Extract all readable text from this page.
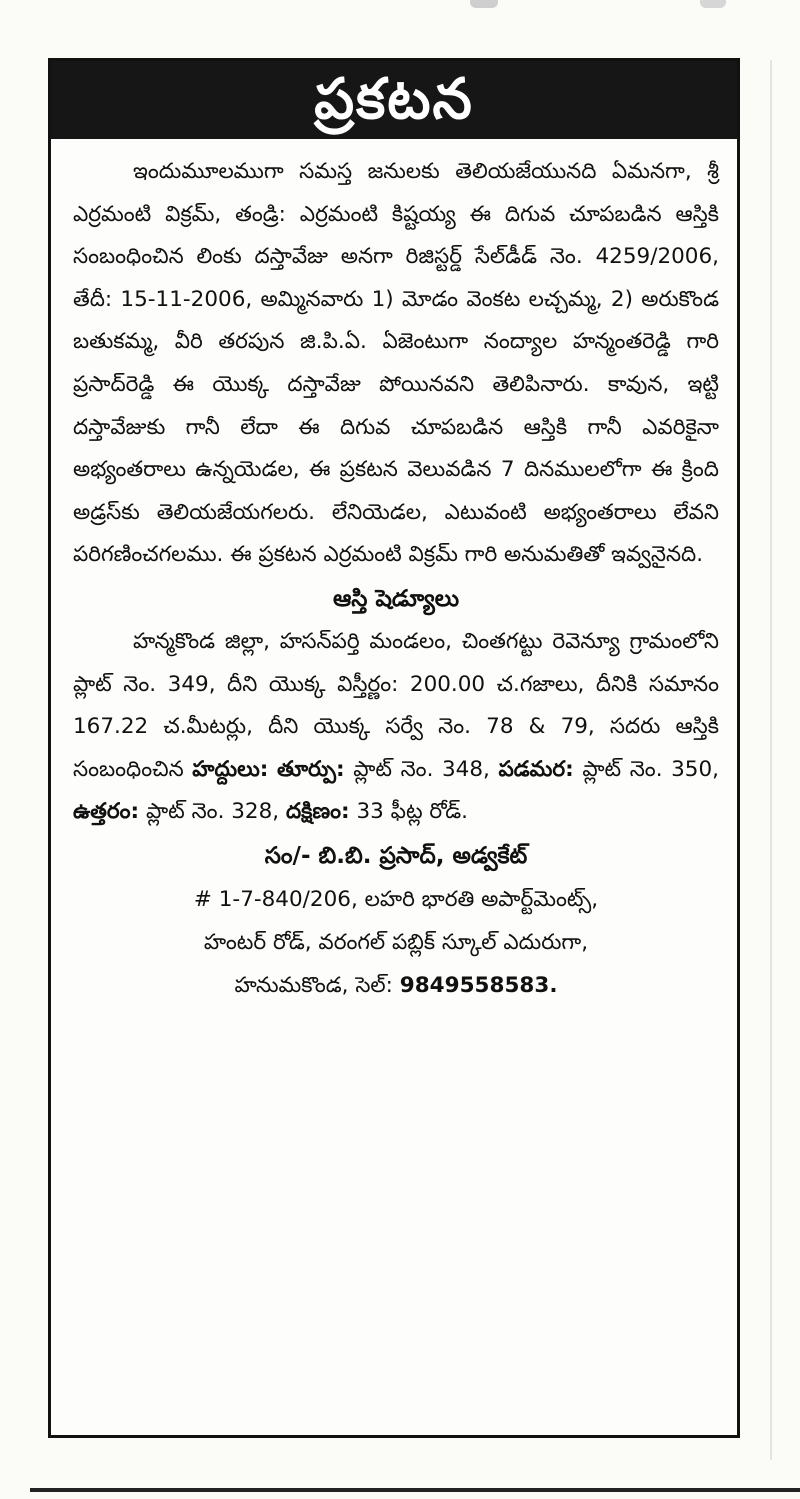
ప్రకటన

ఇందుమూలముగా సమస్త జనులకు తెలియజేయునది ఏమనగా, శ్రీ ఎర్రమంటి విక్రమ్, తండ్రి: ఎర్రమంటి కిష్టయ్య ఈ దిగువ చూపబడిన ఆస్తికి సంబంధించిన లింకు దస్తావేజు అనగా రిజిస్టర్డ్ సేల్‌డీడ్ నెం. 4259/2006, తేదీ: 15-11-2006, అమ్మినవారు 1) మోడం వెంకట లచ్చమ్మ, 2) అరుకొండ బతుకమ్మ, వీరి తరపున జి.పి.ఏ. ఏజెంటుగా నంద్యాల హన్మంతరెడ్డి గారి ప్రసాద్‌రెడ్డి ఈ యొక్క దస్తావేజు పోయినవని తెలిపినారు. కావున, ఇట్టి దస్తావేజుకు గానీ లేదా ఈ దిగువ చూపబడిన ఆస్తికి గానీ ఎవరికైనా అభ్యంతరాలు ఉన్నయెడల, ఈ ప్రకటన వెలువడిన 7 దినములలోగా ఈ క్రింది అడ్రస్‌కు తెలియజేయగలరు. లేనియెడల, ఎటువంటి అభ్యంతరాలు లేవని పరిగణించగలము. ఈ ప్రకటన ఎర్రమంటి విక్రమ్ గారి అనుమతితో ఇవ్వనైనది.

ఆస్తి షెడ్యూలు

హన్మకొండ జిల్లా, హసన్‌పర్తి మండలం, చింతగట్టు రెవెన్యూ గ్రామంలోని ప్లాట్ నెం. 349, దీని యొక్క విస్తీర్ణం: 200.00 చ.గజాలు, దీనికి సమానం 167.22 చ.మీటర్లు, దీని యొక్క సర్వే నెం. 78 & 79, సదరు ఆస్తికి సంబంధించిన హద్దులు: తూర్పు: ప్లాట్ నెం. 348, పడమర: ప్లాట్ నెం. 350, ఉత్తరం: ప్లాట్ నెం. 328, దక్షిణం: 33 ఫీట్ల రోడ్.

సం/- బి.బి. ప్రసాద్, అడ్వకేట్

# 1-7-840/206, లహరి భారతి అపార్ట్‌మెంట్స్,

హంటర్ రోడ్, వరంగల్ పబ్లిక్ స్కూల్ ఎదురుగా,

హనుమకొండ, సెల్: 9849558583.
